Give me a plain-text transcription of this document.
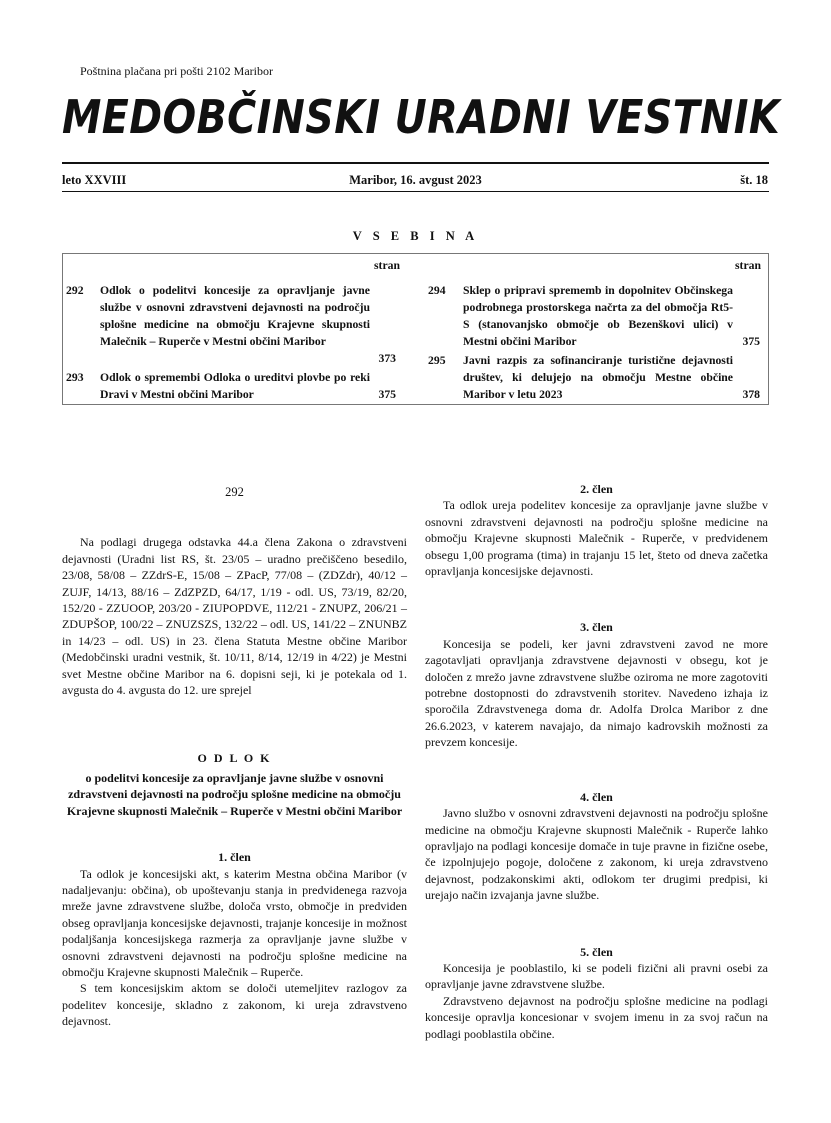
Poštnina plačana pri pošti 2102 Maribor
MEDOBČINSKI URADNI VESTNIK
leto XXVIII	Maribor, 16. avgust 2023	št. 18
V S E B I N A
stran	stran
292 Odlok o podelitvi koncesije za opravljanje javne službe v osnovni zdravstveni dejavnosti na področju splošne medicine na območju Krajevne skupnosti Malečnik – Ruperče v Mestni občini Maribor
373
293 Odlok o spremembi Odloka o ureditvi plovbe po reki Dravi v Mestni občini Maribor	375
294 Sklep o pripravi sprememb in dopolnitev Občinskega podrobnega prostorskega načrta za del območja Rt5-S (stanovanjsko območje ob Bezenškovi ulici) v Mestni občini Maribor	375
295 Javni razpis za sofinanciranje turistične dejavnosti društev, ki delujejo na območju Mestne občine Maribor v letu 2023	378
292

Na podlagi drugega odstavka 44.a člena Zakona o zdravstveni dejavnosti (Uradni list RS, št. 23/05 – uradno prečiščeno besedilo, 23/08, 58/08 – ZZdrS-E, 15/08 – ZPacP, 77/08 – (ZDZdr), 40/12 – ZUJF, 14/13, 88/16 – ZdZPZD, 64/17, 1/19 - odl. US, 73/19, 82/20, 152/20 - ZZUOOP, 203/20 - ZIUPOPDVE, 112/21 - ZNUPZ, 206/21 – ZDUPŠOP, 100/22 – ZNUZSZS, 132/22 – odl. US, 141/22 – ZNUNBZ in 14/23 – odl. US) in 23. člena Statuta Mestne občine Maribor (Medobčinski uradni vestnik, št. 10/11, 8/14, 12/19 in 4/22) je Mestni svet Mestne občine Maribor na 6. dopisni seji, ki je potekala od 1. avgusta do 4. avgusta do 12. ure sprejel

O D L O K
o podelitvi koncesije za opravljanje javne službe v osnovni zdravstveni dejavnosti na področju splošne medicine na območju Krajevne skupnosti Malečnik – Ruperče v Mestni občini Maribor
1. člen

Ta odlok je koncesijski akt, s katerim Mestna občina Maribor (v nadaljevanju: občina), ob upoštevanju stanja in predvidenega razvoja mreže javne zdravstvene službe, določa vrsto, območje in predviden obseg opravljanja koncesijske dejavnosti, trajanje koncesije in možnost podaljšanja koncesijskega razmerja za opravljanje javne službe v osnovni zdravstveni dejavnosti na področju splošne medicine na območju Krajevne skupnosti Malečnik – Ruperče.

S tem koncesijskim aktom se določi utemeljitev razlogov za podelitev koncesije, skladno z zakonom, ki ureja zdravstveno dejavnost.

2. člen

Ta odlok ureja podelitev koncesije za opravljanje javne službe v osnovni zdravstveni dejavnosti na področju splošne medicine na območju Krajevne skupnosti Malečnik - Ruperče, v predvidenem obsegu 1,00 programa (tima) in trajanju 15 let, šteto od dneva začetka opravljanja koncesijske dejavnosti.

3. člen

Koncesija se podeli, ker javni zdravstveni zavod ne more zagotavljati opravljanja zdravstvene dejavnosti v obsegu, kot je določen z mrežo javne zdravstvene službe oziroma ne more zagotoviti potrebne dostopnosti do zdravstvenih storitev. Navedeno izhaja iz sporočila Zdravstvenega doma dr. Adolfa Drolca Maribor z dne 26.6.2023, v katerem navajajo, da nimajo kadrovskih možnosti za prevzem koncesije.

4. člen

Javno službo v osnovni zdravstveni dejavnosti na področju splošne medicine na območju Krajevne skupnosti Malečnik - Ruperče lahko opravljajo na podlagi koncesije domače in tuje pravne in fizične osebe, če izpolnjujejo pogoje, določene z zakonom, ki ureja zdravstveno dejavnost, podzakonskimi akti, odlokom ter drugimi predpisi, ki urejajo način izvajanja javne službe.

5. člen

Koncesija je pooblastilo, ki se podeli fizični ali pravni osebi za opravljanje javne zdravstvene službe.

Zdravstveno dejavnost na področju splošne medicine na podlagi koncesije opravlja koncesionar v svojem imenu in za svoj račun na podlagi pooblastila občine.
